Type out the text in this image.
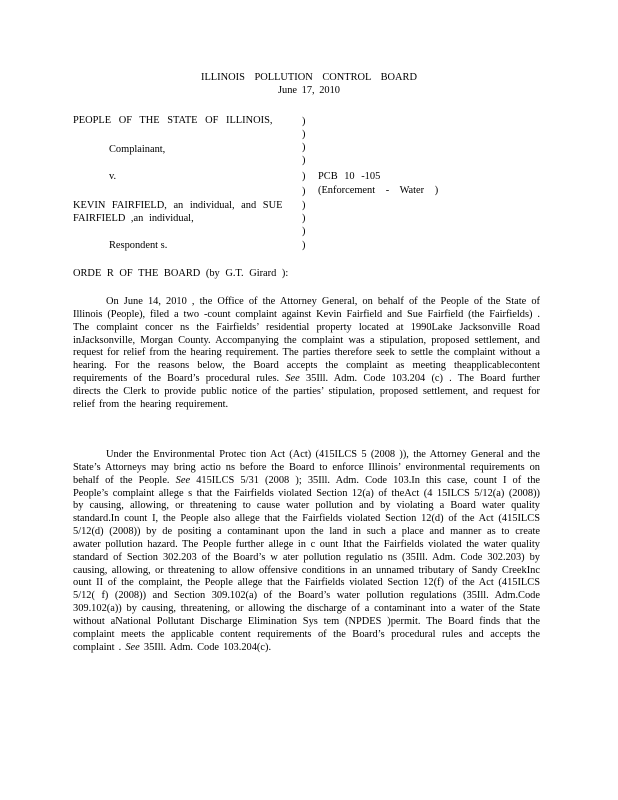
ILLINOIS POLLUTION CONTROL BOARD
June 17, 2010
PEOPLE OF THE STATE OF ILLINOIS,
Complainant,
v.
KEVIN FAIRFIELD, an individual, and SUE
FAIRFIELD ,an individual,
Respondent s.
)
)
)
)
)
)
)
)
)
)
PCB 10 -105
(Enforcement - Water )
ORDE R OF THE BOARD (by G.T. Girard ):
On June 14, 2010 , the Office of the Attorney General, on behalf of the People of the State of Illinois (People), filed a two -count complaint against Kevin Fairfield and Sue Fairfield (the Fairfields) . The complaint concer ns the Fairfields’ residential property located at 1990Lake Jacksonville Road inJacksonville, Morgan County. Accompanying the complaint was a stipulation, proposed settlement, and request for relief from the hearing requirement. The parties therefore seek to settle the complaint without a hearing. For the reasons below, the Board accepts the complaint as meeting theapplicablecontent requirements of the Board’s procedural rules. See 35Ill. Adm. Code 103.204 (c) . The Board further directs the Clerk to provide public notice of the parties’ stipulation, proposed settlement, and request for relief from the hearing requirement.
Under the Environmental Protec tion Act (Act) (415ILCS 5 (2008 )), the Attorney General and the State’s Attorneys may bring actio ns before the Board to enforce Illinois’ environmental requirements on behalf of the People. See 415ILCS 5/31 (2008 ); 35Ill. Adm. Code 103.In this case, count I of the People’s complaint allege s that the Fairfields violated Section 12(a) of theAct (4 15ILCS 5/12(a) (2008)) by causing, allowing, or threatening to cause water pollution and by violating a Board water quality standard.In count I, the People also allege that the Fairfields violated Section 12(d) of the Act (415ILCS 5/12(d) (2008)) by de positing a contaminant upon the land in such a place and manner as to create awater pollution hazard. The People further allege in c ount Ithat the Fairfields violated the water quality standard of Section 302.203 of the Board’s w ater pollution regulatio ns (35Ill. Adm. Code 302.203) by causing, allowing, or threatening to allow offensive conditions in an unnamed tributary of Sandy CreekInc ount II of the complaint, the People allege that the Fairfields violated Section 12(f) of the Act (415ILCS 5/12( f) (2008)) and Section 309.102(a) of the Board’s water pollution regulations (35Ill. Adm.Code 309.102(a)) by causing, threatening, or allowing the discharge of a contaminant into a water of the State without aNational Pollutant Discharge Elimination Sys tem (NPDES )permit. The Board finds that the complaint meets the applicable content requirements of the Board’s procedural rules and accepts the complaint . See 35Ill. Adm. Code 103.204(c).
